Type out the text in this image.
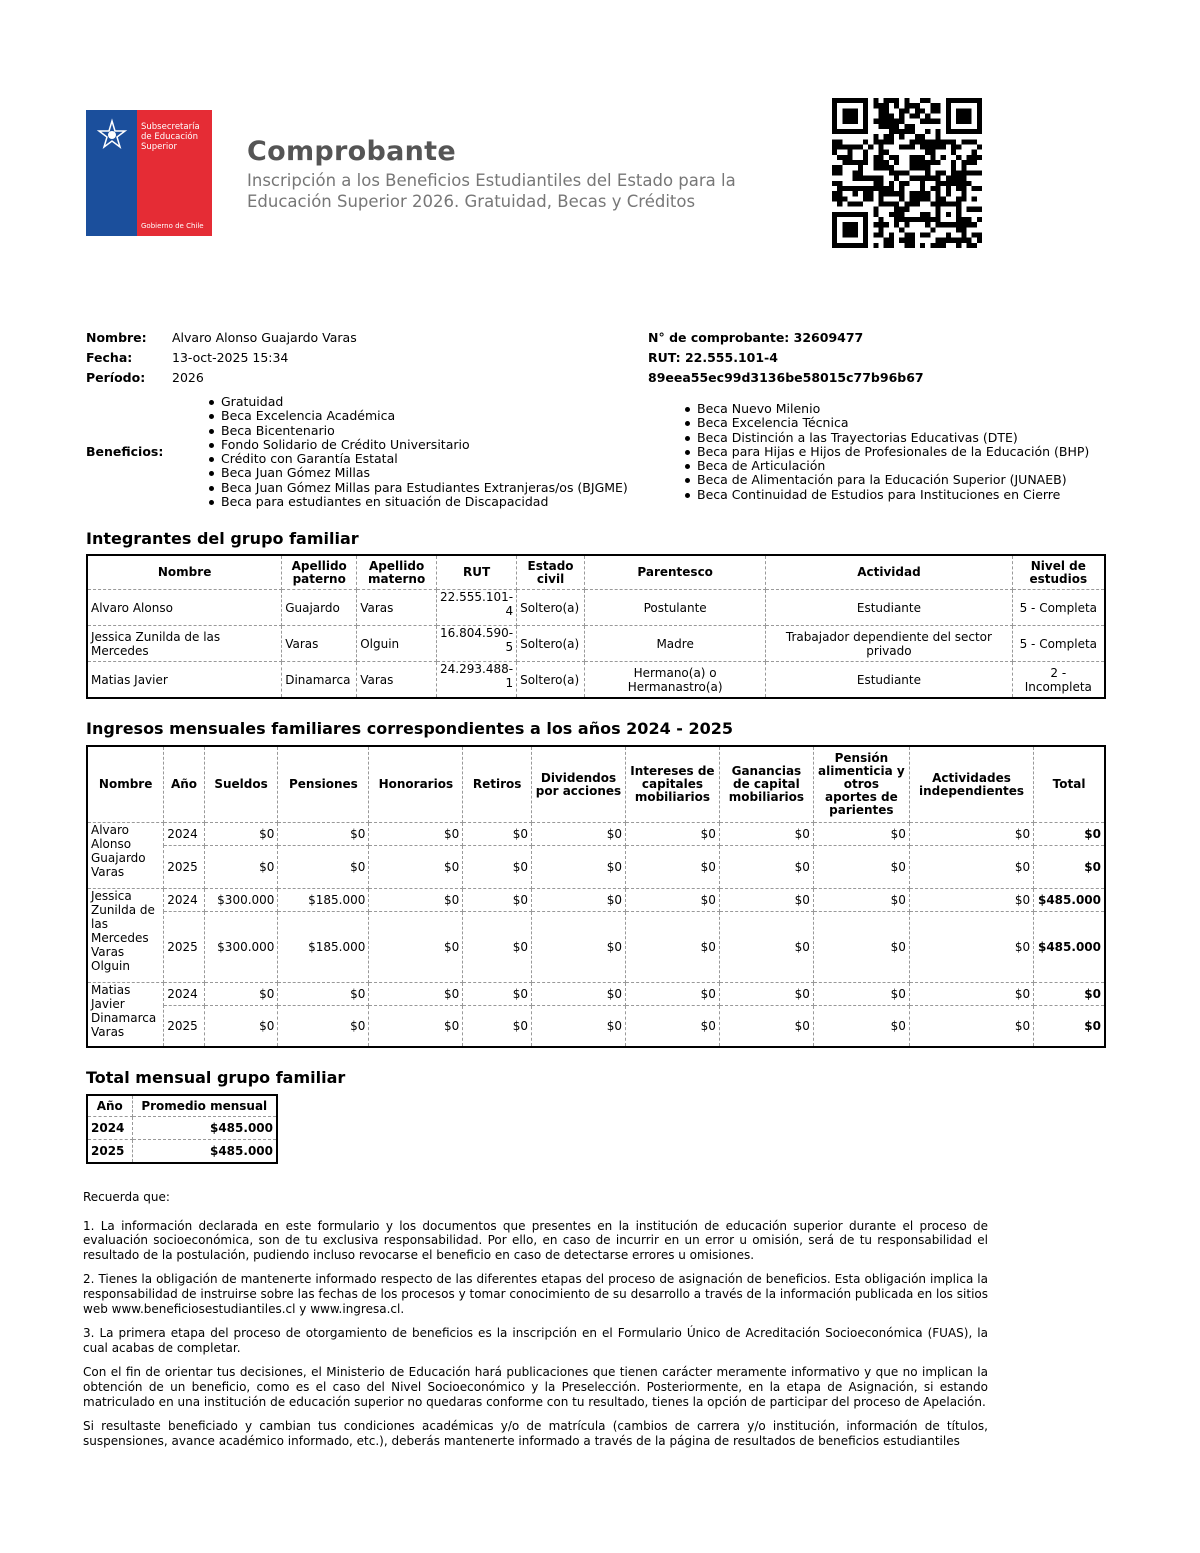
Subsecretaría de Educación Superior
Gobierno de Chile
Comprobante
Inscripción a los Beneficios Estudiantiles del Estado para la Educación Superior 2026. Gratuidad, Becas y Créditos
Nombre: Alvaro Alonso Guajardo Varas
Fecha:	13-oct-2025 15:34
Período: 2026
N° de comprobante: 32609477
RUT: 22.555.101-4
89eea55ec99d3136be58015c77b96b67
Beneficios:
Gratuidad
Beca Excelencia Académica
Beca Bicentenario
Fondo Solidario de Crédito Universitario
Crédito con Garantía Estatal
Beca Juan Gómez Millas
Beca Juan Gómez Millas para Estudiantes Extranjeras/os (BJGME)
Beca para estudiantes en situación de Discapacidad
Beca Nuevo Milenio
Beca Excelencia Técnica
Beca Distinción a las Trayectorias Educativas (DTE)
Beca para Hijas e Hijos de Profesionales de la Educación (BHP)
Beca de Articulación
Beca de Alimentación para la Educación Superior (JUNAEB)
Beca Continuidad de Estudios para Instituciones en Cierre
Integrantes del grupo familiar
Nombre	Apellido paterno	Apellido materno	RUT	Estado civil	Parentesco	Actividad	Nivel de estudios
Alvaro Alonso	Guajardo	Varas	22.555.101-4	Soltero(a)	Postulante	Estudiante	5 - Completa
Jessica Zunilda de las Mercedes	Varas	Olguin	16.804.590-5	Soltero(a)	Madre	Trabajador dependiente del sector privado	5 - Completa
Matias Javier	Dinamarca	Varas	24.293.488-1	Soltero(a)	Hermano(a) o Hermanastro(a)	Estudiante	2 - Incompleta
Ingresos mensuales familiares correspondientes a los años 2024 - 2025
Nombre	Año	Sueldos	Pensiones	Honorarios	Retiros	Dividendos por acciones	Intereses de capitales mobiliarios	Ganancias de capital mobiliarios	Pensión alimenticia y otros aportes de parientes	Actividades independientes	Total
Alvaro Alonso Guajardo Varas	2024	$0	$0	$0	$0	$0	$0	$0	$0	$0	$0
	2025	$0	$0	$0	$0	$0	$0	$0	$0	$0	$0
Jessica Zunilda de las Mercedes Varas Olguin	2024	$300.000	$185.000	$0	$0	$0	$0	$0	$0	$0	$485.000
	2025	$300.000	$185.000	$0	$0	$0	$0	$0	$0	$0	$485.000
Matias Javier Dinamarca Varas	2024	$0	$0	$0	$0	$0	$0	$0	$0	$0	$0
	2025	$0	$0	$0	$0	$0	$0	$0	$0	$0	$0
Total mensual grupo familiar
Año	Promedio mensual
2024	$485.000
2025	$485.000

Recuerda que:

1. La información declarada en este formulario y los documentos que presentes en la institución de educación superior durante el proceso de evaluación socioeconómica, son de tu exclusiva responsabilidad. Por ello, en caso de incurrir en un error u omisión, será de tu responsabilidad el resultado de la postulación, pudiendo incluso revocarse el beneficio en caso de detectarse errores u omisiones.

2. Tienes la obligación de mantenerte informado respecto de las diferentes etapas del proceso de asignación de beneficios. Esta obligación implica la responsabilidad de instruirse sobre las fechas de los procesos y tomar conocimiento de su desarrollo a través de la información publicada en los sitios web www.beneficiosestudiantiles.cl y www.ingresa.cl.

3. La primera etapa del proceso de otorgamiento de beneficios es la inscripción en el Formulario Único de Acreditación Socioeconómica (FUAS), la cual acabas de completar.

Con el fin de orientar tus decisiones, el Ministerio de Educación hará publicaciones que tienen carácter meramente informativo y que no implican la obtención de un beneficio, como es el caso del Nivel Socioeconómico y la Preselección. Posteriormente, en la etapa de Asignación, si estando matriculado en una institución de educación superior no quedaras conforme con tu resultado, tienes la opción de participar del proceso de Apelación.

Si resultaste beneficiado y cambian tus condiciones académicas y/o de matrícula (cambios de carrera y/o institución, información de títulos, suspensiones, avance académico informado, etc.), deberás mantenerte informado a través de la página de resultados de beneficios estudiantiles
